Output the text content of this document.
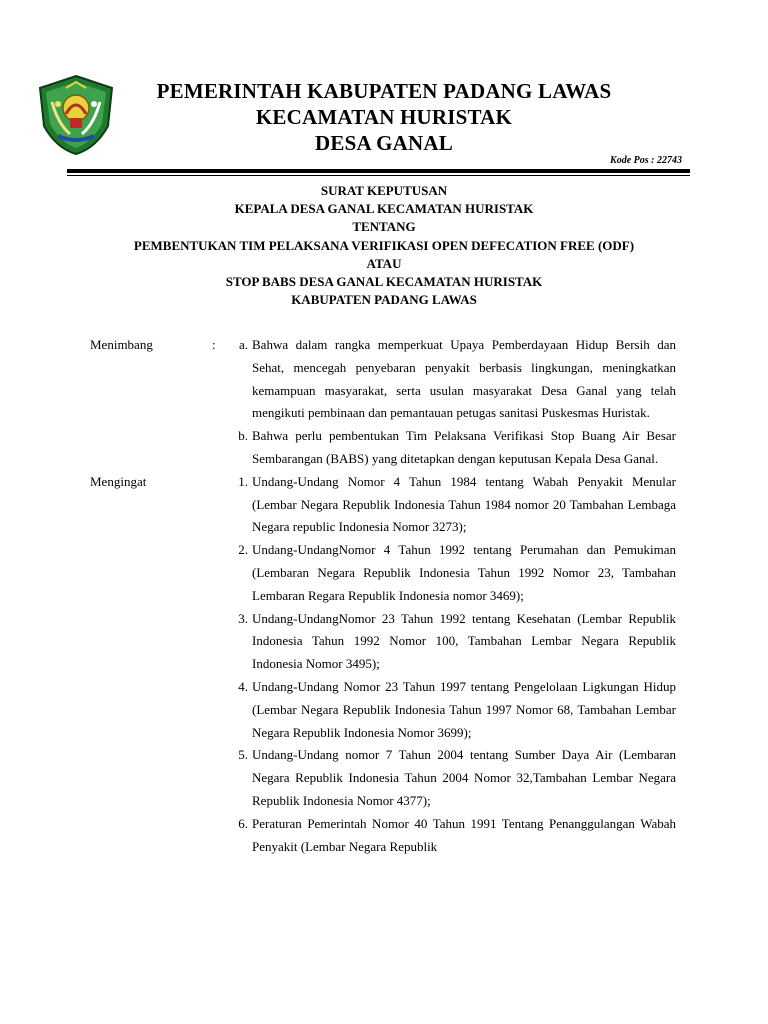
PEMERINTAH KABUPATEN PADANG LAWAS
KECAMATAN HURISTAK
DESA GANAL
Kode Pos : 22743
SURAT KEPUTUSAN
KEPALA DESA GANAL KECAMATAN HURISTAK
TENTANG
PEMBENTUKAN TIM PELAKSANA VERIFIKASI OPEN DEFECATION FREE (ODF)
ATAU
STOP BABS DESA GANAL KECAMATAN HURISTAK
KABUPATEN PADANG LAWAS
Menimbang	:	a. Bahwa dalam rangka memperkuat Upaya Pemberdayaan Hidup Bersih dan Sehat, mencegah penyebaran penyakit berbasis lingkungan, meningkatkan kemampuan masyarakat, serta usulan masyarakat Desa Ganal yang telah mengikuti pembinaan dan pemantauan petugas sanitasi Puskesmas Huristak.
b. Bahwa perlu pembentukan Tim Pelaksana Verifikasi Stop Buang Air Besar Sembarangan (BABS) yang ditetapkan dengan keputusan Kepala Desa Ganal.
Mengingat	1. Undang-Undang Nomor 4 Tahun 1984 tentang Wabah Penyakit Menular (Lembar Negara Republik Indonesia Tahun 1984 nomor 20 Tambahan Lembaga Negara republic Indonesia Nomor 3273);
2. Undang-UndangNomor 4 Tahun 1992 tentang Perumahan dan Pemukiman (Lembaran Negara Republik Indonesia Tahun 1992 Nomor 23, Tambahan Lembaran Regara Republik Indonesia nomor 3469);
3. Undang-UndangNomor 23 Tahun 1992 tentang Kesehatan (Lembar Republik Indonesia Tahun 1992 Nomor 100, Tambahan Lembar Negara Republik Indonesia Nomor 3495);
4. Undang-Undang Nomor 23 Tahun 1997 tentang Pengelolaan Ligkungan Hidup (Lembar Negara Republik Indonesia Tahun 1997 Nomor 68, Tambahan Lembar Negara Republik Indonesia Nomor 3699);
5. Undang-Undang nomor 7 Tahun 2004 tentang Sumber Daya Air (Lembaran Negara Republik Indonesia Tahun 2004 Nomor 32,Tambahan Lembar Negara Republik Indonesia Nomor 4377);
6. Peraturan Pemerintah Nomor 40 Tahun 1991 Tentang Penanggulangan Wabah Penyakit (Lembar Negara Republik
